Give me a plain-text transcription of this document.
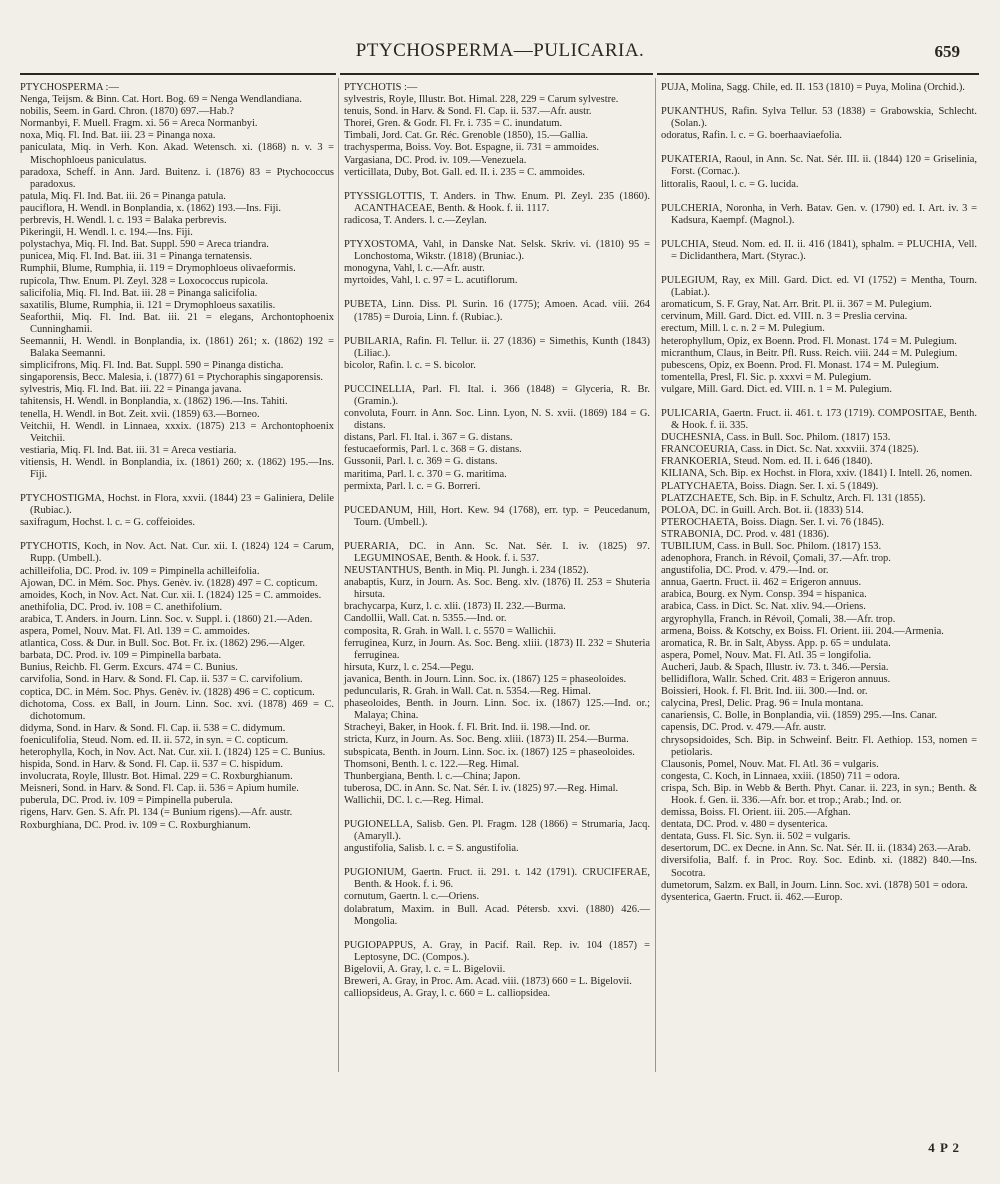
PTYCHOSPERMA—PULICARIA.	659

PTYCHOSPERMA :—

Nenga, Teijsm. & Binn. Cat. Hort. Bog. 69 = Nenga Wendlandiana.

nobilis, Seem. in Gard. Chron. (1870) 697.—Hab.?

Normanbyi, F. Muell. Fragm. xi. 56 = Areca Normanbyi.

noxa, Miq. Fl. Ind. Bat. iii. 23 = Pinanga noxa.

paniculata, Miq. in Verh. Kon. Akad. Wetensch. xi. (1868) n. v. 3 = Mischophloeus paniculatus.

paradoxa, Scheff. in Ann. Jard. Buitenz. i. (1876) 83 = Ptychococcus paradoxus.

patula, Miq. Fl. Ind. Bat. iii. 26 = Pinanga patula.

pauciflora, H. Wendl. in Bonplandia, x. (1862) 193.—Ins. Fiji.

perbrevis, H. Wendl. l. c. 193 = Balaka perbrevis.

Pikeringii, H. Wendl. l. c. 194.—Ins. Fiji.

polystachya, Miq. Fl. Ind. Bat. Suppl. 590 = Areca triandra.

punicea, Miq. Fl. Ind. Bat. iii. 31 = Pinanga ternatensis.

Rumphii, Blume, Rumphia, ii. 119 = Drymophloeus olivaeformis.

rupicola, Thw. Enum. Pl. Zeyl. 328 = Loxococcus rupicola.

salicifolia, Miq. Fl. Ind. Bat. iii. 28 = Pinanga salicifolia.

saxatilis, Blume, Rumphia, ii. 121 = Drymophloeus saxatilis.

Seaforthii, Miq. Fl. Ind. Bat. iii. 21 = elegans, Archontophoenix Cunninghamii.

Seemannii, H. Wendl. in Bonplandia, ix. (1861) 261; x. (1862) 192 = Balaka Seemanni.

simplicifrons, Miq. Fl. Ind. Bat. Suppl. 590 = Pinanga disticha.

singaporensis, Becc. Malesia, i. (1877) 61 = Ptychoraphis singaporensis.

sylvestris, Miq. Fl. Ind. Bat. iii. 22 = Pinanga javana.

tahitensis, H. Wendl. in Bonplandia, x. (1862) 196.—Ins. Tahiti.

tenella, H. Wendl. in Bot. Zeit. xvii. (1859) 63.—Borneo.

Veitchii, H. Wendl. in Linnaea, xxxix. (1875) 213 = Archontophoenix Veitchii.

vestiaria, Miq. Fl. Ind. Bat. iii. 31 = Areca vestiaria.

vitiensis, H. Wendl. in Bonplandia, ix. (1861) 260; x. (1862) 195.—Ins. Fiji.

PTYCHOSTIGMA, Hochst. in Flora, xxvii. (1844) 23 = Galiniera, Delile (Rubiac.).

saxifragum, Hochst. l. c. = G. coffeioides.

PTYCHOTIS, Koch, in Nov. Act. Nat. Cur. xii. I. (1824) 124 = Carum, Rupp. (Umbell.).

achilleifolia, DC. Prod. iv. 109 = Pimpinella achilleifolia.

Ajowan, DC. in Mém. Soc. Phys. Genèv. iv. (1828) 497 = C. copticum.

amoides, Koch, in Nov. Act. Nat. Cur. xii. I. (1824) 125 = C. ammoides.

anethifolia, DC. Prod. iv. 108 = C. anethifolium.

arabica, T. Anders. in Journ. Linn. Soc. v. Suppl. i. (1860) 21.—Aden.

aspera, Pomel, Nouv. Mat. Fl. Atl. 139 = C. ammoides.

atlantica, Coss. & Dur. in Bull. Soc. Bot. Fr. ix. (1862) 296.—Alger.

barbata, DC. Prod. iv. 109 = Pimpinella barbata.

Bunius, Reichb. Fl. Germ. Excurs. 474 = C. Bunius.

carvifolia, Sond. in Harv. & Sond. Fl. Cap. ii. 537 = C. carvifolium.

coptica, DC. in Mém. Soc. Phys. Genèv. iv. (1828) 496 = C. copticum.

dichotoma, Coss. ex Ball, in Journ. Linn. Soc. xvi. (1878) 469 = C. dichotomum.

didyma, Sond. in Harv. & Sond. Fl. Cap. ii. 538 = C. didymum.

foeniculifolia, Steud. Nom. ed. II. ii. 572, in syn. = C. copticum.

heterophylla, Koch, in Nov. Act. Nat. Cur. xii. I. (1824) 125 = C. Bunius.

hispida, Sond. in Harv. & Sond. Fl. Cap. ii. 537 = C. hispidum.

involucrata, Royle, Illustr. Bot. Himal. 229 = C. Roxburghianum.

Meisneri, Sond. in Harv. & Sond. Fl. Cap. ii. 536 = Apium humile.

puberula, DC. Prod. iv. 109 = Pimpinella puberula.

rigens, Harv. Gen. S. Afr. Pl. 134 (= Bunium rigens).—Afr. austr.

Roxburghiana, DC. Prod. iv. 109 = C. Roxburghianum.

PTYCHOTIS :—

sylvestris, Royle, Illustr. Bot. Himal. 228, 229 = Carum sylvestre.

tenuis, Sond. in Harv. & Sond. Fl. Cap. ii. 537.—Afr. austr.

Thorei, Gren. & Godr. Fl. Fr. i. 735 = C. inundatum.

Timbali, Jord. Cat. Gr. Réc. Grenoble (1850), 15.—Gallia.

trachysperma, Boiss. Voy. Bot. Espagne, ii. 731 = ammoides.

Vargasiana, DC. Prod. iv. 109.—Venezuela.

verticillata, Duby, Bot. Gall. ed. II. i. 235 = C. ammoides.

PTYSSIGLOTTIS, T. Anders. in Thw. Enum. Pl. Zeyl. 235 (1860). ACANTHACEAE, Benth. & Hook. f. ii. 1117.

radicosa, T. Anders. l. c.—Zeylan.

PTYXOSTOMA, Vahl, in Danske Nat. Selsk. Skriv. vi. (1810) 95 = Lonchostoma, Wikstr. (1818) (Bruniac.).

monogyna, Vahl, l. c.—Afr. austr.

myrtoides, Vahl, l. c. 97 = L. acutiflorum.

PUBETA, Linn. Diss. Pl. Surin. 16 (1775); Amoen. Acad. viii. 264 (1785) = Duroia, Linn. f. (Rubiac.).

PUBILARIA, Rafin. Fl. Tellur. ii. 27 (1836) = Simethis, Kunth (1843) (Liliac.).

bicolor, Rafin. l. c. = S. bicolor.

PUCCINELLIA, Parl. Fl. Ital. i. 366 (1848) = Glyceria, R. Br. (Gramin.).

convoluta, Fourr. in Ann. Soc. Linn. Lyon, N. S. xvii. (1869) 184 = G. distans.

distans, Parl. Fl. Ital. i. 367 = G. distans.

festucaeformis, Parl. l. c. 368 = G. distans.

Gussonii, Parl. l. c. 369 = G. distans.

maritima, Parl. l. c. 370 = G. maritima.

permixta, Parl. l. c. = G. Borreri.

PUCEDANUM, Hill, Hort. Kew. 94 (1768), err. typ. = Peucedanum, Tourn. (Umbell.).

PUERARIA, DC. in Ann. Sc. Nat. Sér. I. iv. (1825) 97. LEGUMINOSAE, Benth. & Hook. f. i. 537.

NEUSTANTHUS, Benth. in Miq. Pl. Jungh. i. 234 (1852).

anabaptis, Kurz, in Journ. As. Soc. Beng. xlv. (1876) II. 253 = Shuteria hirsuta.

brachycarpa, Kurz, l. c. xlii. (1873) II. 232.—Burma.

Candollii, Wall. Cat. n. 5355.—Ind. or.

composita, R. Grah. in Wall. l. c. 5570 = Wallichii.

ferruginea, Kurz, in Journ. As. Soc. Beng. xliii. (1873) II. 232 = Shuteria ferruginea.

hirsuta, Kurz, l. c. 254.—Pegu.

javanica, Benth. in Journ. Linn. Soc. ix. (1867) 125 = phaseoloides.

peduncularis, R. Grah. in Wall. Cat. n. 5354.—Reg. Himal.

phaseoloides, Benth. in Journ. Linn. Soc. ix. (1867) 125.—Ind. or.; Malaya; China.

Stracheyi, Baker, in Hook. f. Fl. Brit. Ind. ii. 198.—Ind. or.

stricta, Kurz, in Journ. As. Soc. Beng. xliii. (1873) II. 254.—Burma.

subspicata, Benth. in Journ. Linn. Soc. ix. (1867) 125 = phaseoloides.

Thomsoni, Benth. l. c. 122.—Reg. Himal.

Thunbergiana, Benth. l. c.—China; Japon.

tuberosa, DC. in Ann. Sc. Nat. Sér. I. iv. (1825) 97.—Reg. Himal.

Wallichii, DC. l. c.—Reg. Himal.

PUGIONELLA, Salisb. Gen. Pl. Fragm. 128 (1866) = Strumaria, Jacq. (Amaryll.).

angustifolia, Salisb. l. c. = S. angustifolia.

PUGIONIUM, Gaertn. Fruct. ii. 291. t. 142 (1791). CRUCIFERAE, Benth. & Hook. f. i. 96.

cornutum, Gaertn. l. c.—Oriens.

dolabratum, Maxim. in Bull. Acad. Pétersb. xxvi. (1880) 426.—Mongolia.

PUGIOPAPPUS, A. Gray, in Pacif. Rail. Rep. iv. 104 (1857) = Leptosyne, DC. (Compos.).

Bigelovii, A. Gray, l. c. = L. Bigelovii.

Breweri, A. Gray, in Proc. Am. Acad. viii. (1873) 660 = L. Bigelovii.

calliopsideus, A. Gray, l. c. 660 = L. calliopsidea.

PUJA, Molina, Sagg. Chile, ed. II. 153 (1810) = Puya, Molina (Orchid.).

PUKANTHUS, Rafin. Sylva Tellur. 53 (1838) = Grabowskia, Schlecht. (Solan.).

odoratus, Rafin. l. c. = G. boerhaaviaefolia.

PUKATERIA, Raoul, in Ann. Sc. Nat. Sér. III. ii. (1844) 120 = Griselinia, Forst. (Cornac.).

littoralis, Raoul, l. c. = G. lucida.

PULCHERIA, Noronha, in Verh. Batav. Gen. v. (1790) ed. I. Art. iv. 3 = Kadsura, Kaempf. (Magnol.).

PULCHIA, Steud. Nom. ed. II. ii. 416 (1841), sphalm. = PLUCHIA, Vell. = Diclidanthera, Mart. (Styrac.).

PULEGIUM, Ray, ex Mill. Gard. Dict. ed. VI (1752) = Mentha, Tourn. (Labiat.).

aromaticum, S. F. Gray, Nat. Arr. Brit. Pl. ii. 367 = M. Pulegium.

cervinum, Mill. Gard. Dict. ed. VIII. n. 3 = Preslia cervina.

erectum, Mill. l. c. n. 2 = M. Pulegium.

heterophyllum, Opiz, ex Boenn. Prod. Fl. Monast. 174 = M. Pulegium.

micranthum, Claus, in Beitr. Pfl. Russ. Reich. viii. 244 = M. Pulegium.

pubescens, Opiz, ex Boenn. Prod. Fl. Monast. 174 = M. Pulegium.

tomentella, Presl, Fl. Sic. p. xxxvi = M. Pulegium.

vulgare, Mill. Gard. Dict. ed. VIII. n. 1 = M. Pulegium.

PULICARIA, Gaertn. Fruct. ii. 461. t. 173 (1719). COMPOSITAE, Benth. & Hook. f. ii. 335.

DUCHESNIA, Cass. in Bull. Soc. Philom. (1817) 153.

FRANCOEURIA, Cass. in Dict. Sc. Nat. xxxviii. 374 (1825).

FRANKOERIA, Steud. Nom. ed. II. i. 646 (1840).

KILIANA, Sch. Bip. ex Hochst. in Flora, xxiv. (1841) I. Intell. 26, nomen.

PLATYCHAETA, Boiss. Diagn. Ser. I. xi. 5 (1849).

PLATZCHAETE, Sch. Bip. in F. Schultz, Arch. Fl. 131 (1855).

POLOA, DC. in Guill. Arch. Bot. ii. (1833) 514.

PTEROCHAETA, Boiss. Diagn. Ser. I. vi. 76 (1845).

STRABONIA, DC. Prod. v. 481 (1836).

TUBILIUM, Cass. in Bull. Soc. Philom. (1817) 153.

adenophora, Franch. in Révoil, Çomali, 37.—Afr. trop.

angustifolia, DC. Prod. v. 479.—Ind. or.

annua, Gaertn. Fruct. ii. 462 = Erigeron annuus.

arabica, Bourg. ex Nym. Consp. 394 = hispanica.

arabica, Cass. in Dict. Sc. Nat. xliv. 94.—Oriens.

argyrophylla, Franch. in Révoil, Çomali, 38.—Afr. trop.

armena, Boiss. & Kotschy, ex Boiss. Fl. Orient. iii. 204.—Armenia.

aromatica, R. Br. in Salt, Abyss. App. p. 65 = undulata.

aspera, Pomel, Nouv. Mat. Fl. Atl. 35 = longifolia.

Aucheri, Jaub. & Spach, Illustr. iv. 73. t. 346.—Persia.

bellidiflora, Wallr. Sched. Crit. 483 = Erigeron annuus.

Boissieri, Hook. f. Fl. Brit. Ind. iii. 300.—Ind. or.

calycina, Presl, Delic. Prag. 96 = Inula montana.

canariensis, C. Bolle, in Bonplandia, vii. (1859) 295.—Ins. Canar.

capensis, DC. Prod. v. 479.—Afr. austr.

chrysopsidoides, Sch. Bip. in Schweinf. Beitr. Fl. Aethiop. 153, nomen = petiolaris.

Clausonis, Pomel, Nouv. Mat. Fl. Atl. 36 = vulgaris.

congesta, C. Koch, in Linnaea, xxiii. (1850) 711 = odora.

crispa, Sch. Bip. in Webb & Berth. Phyt. Canar. ii. 223, in syn.; Benth. & Hook. f. Gen. ii. 336.—Afr. bor. et trop.; Arab.; Ind. or.

demissa, Boiss. Fl. Orient. iii. 205.—Afghan.

dentata, DC. Prod. v. 480 = dysenterica.

dentata, Guss. Fl. Sic. Syn. ii. 502 = vulgaris.

desertorum, DC. ex Decne. in Ann. Sc. Nat. Sér. II. ii. (1834) 263.—Arab.

diversifolia, Balf. f. in Proc. Roy. Soc. Edinb. xi. (1882) 840.—Ins. Socotra.

dumetorum, Salzm. ex Ball, in Journ. Linn. Soc. xvi. (1878) 501 = odora.

dysenterica, Gaertn. Fruct. ii. 462.—Europ.

4 P 2
